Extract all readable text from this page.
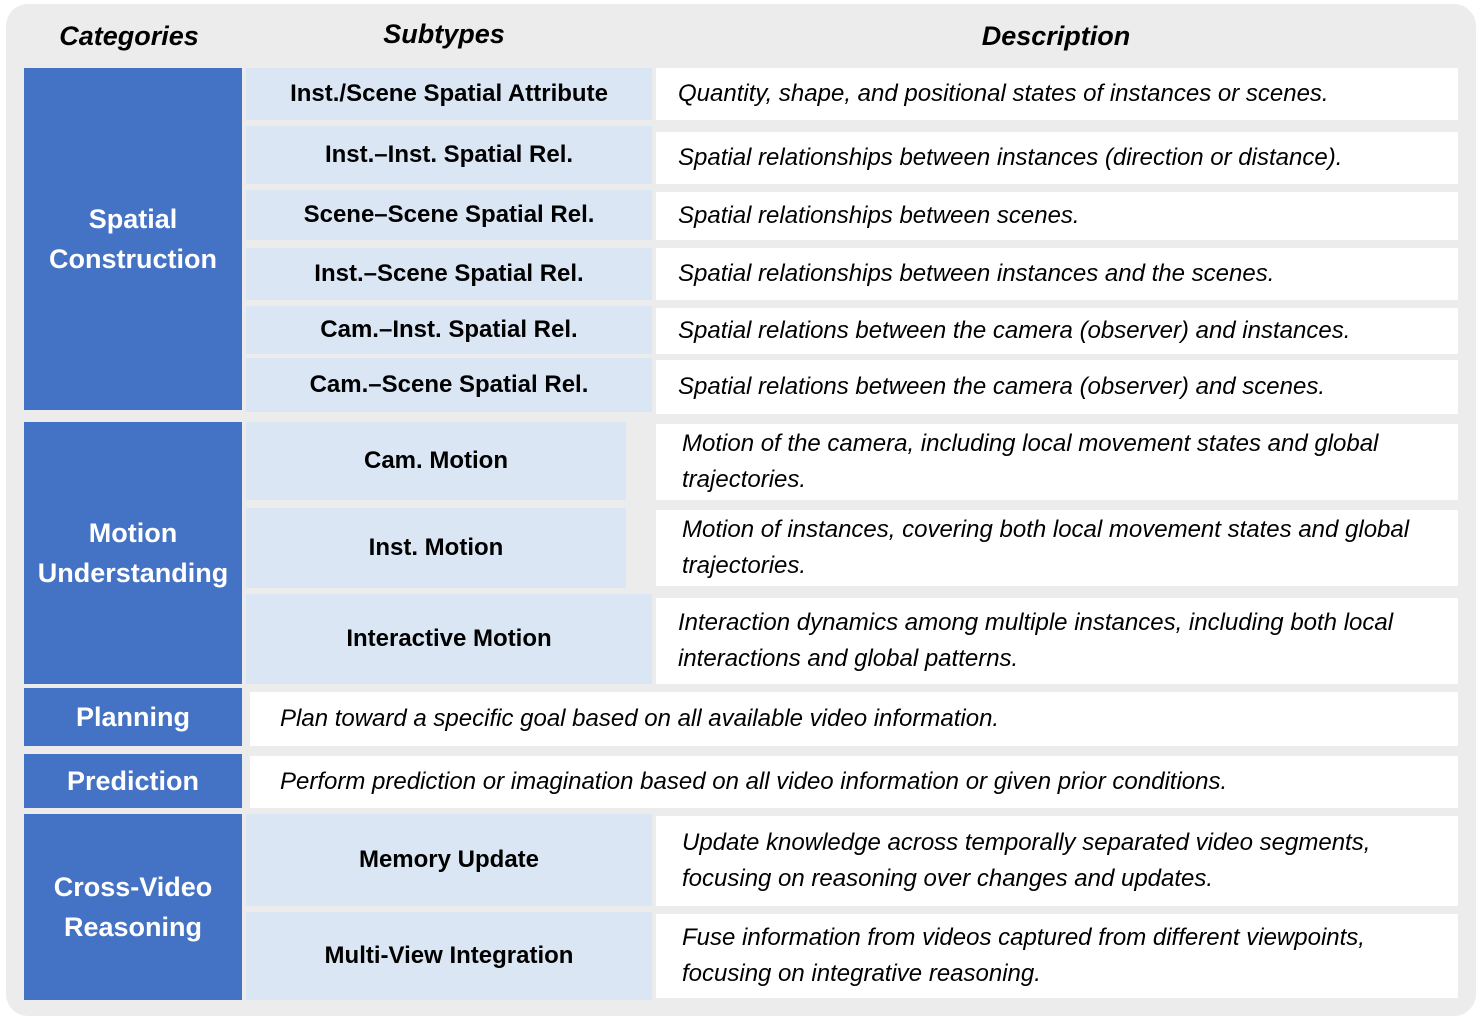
Categories	Subtypes	Description
Spatial
Construction
Motion
Understanding
Planning
Prediction
Cross-Video
Reasoning
Inst./Scene Spatial Attribute
Inst.–Inst. Spatial Rel.
Scene–Scene Spatial Rel.
Inst.–Scene Spatial Rel.
Cam.–Inst. Spatial Rel.
Cam.–Scene Spatial Rel.
Cam. Motion
Inst. Motion
Interactive Motion
Memory Update
Multi-View Integration
Quantity, shape, and positional states of instances or scenes.
Spatial relationships between instances (direction or distance).
Spatial relationships between scenes.
Spatial relationships between instances and the scenes.
Spatial relations between the camera (observer) and instances.
Spatial relations between the camera (observer) and scenes.
Motion of the camera, including local movement states and global trajectories.
Motion of instances, covering both local movement states and global trajectories.
Interaction dynamics among multiple instances, including both local interactions and global patterns.
Update knowledge across temporally separated video segments, focusing on reasoning over changes and updates.
Fuse information from videos captured from different viewpoints, focusing on integrative reasoning.
Plan toward a specific goal based on all available video information.
Perform prediction or imagination based on all video information or given prior conditions.
